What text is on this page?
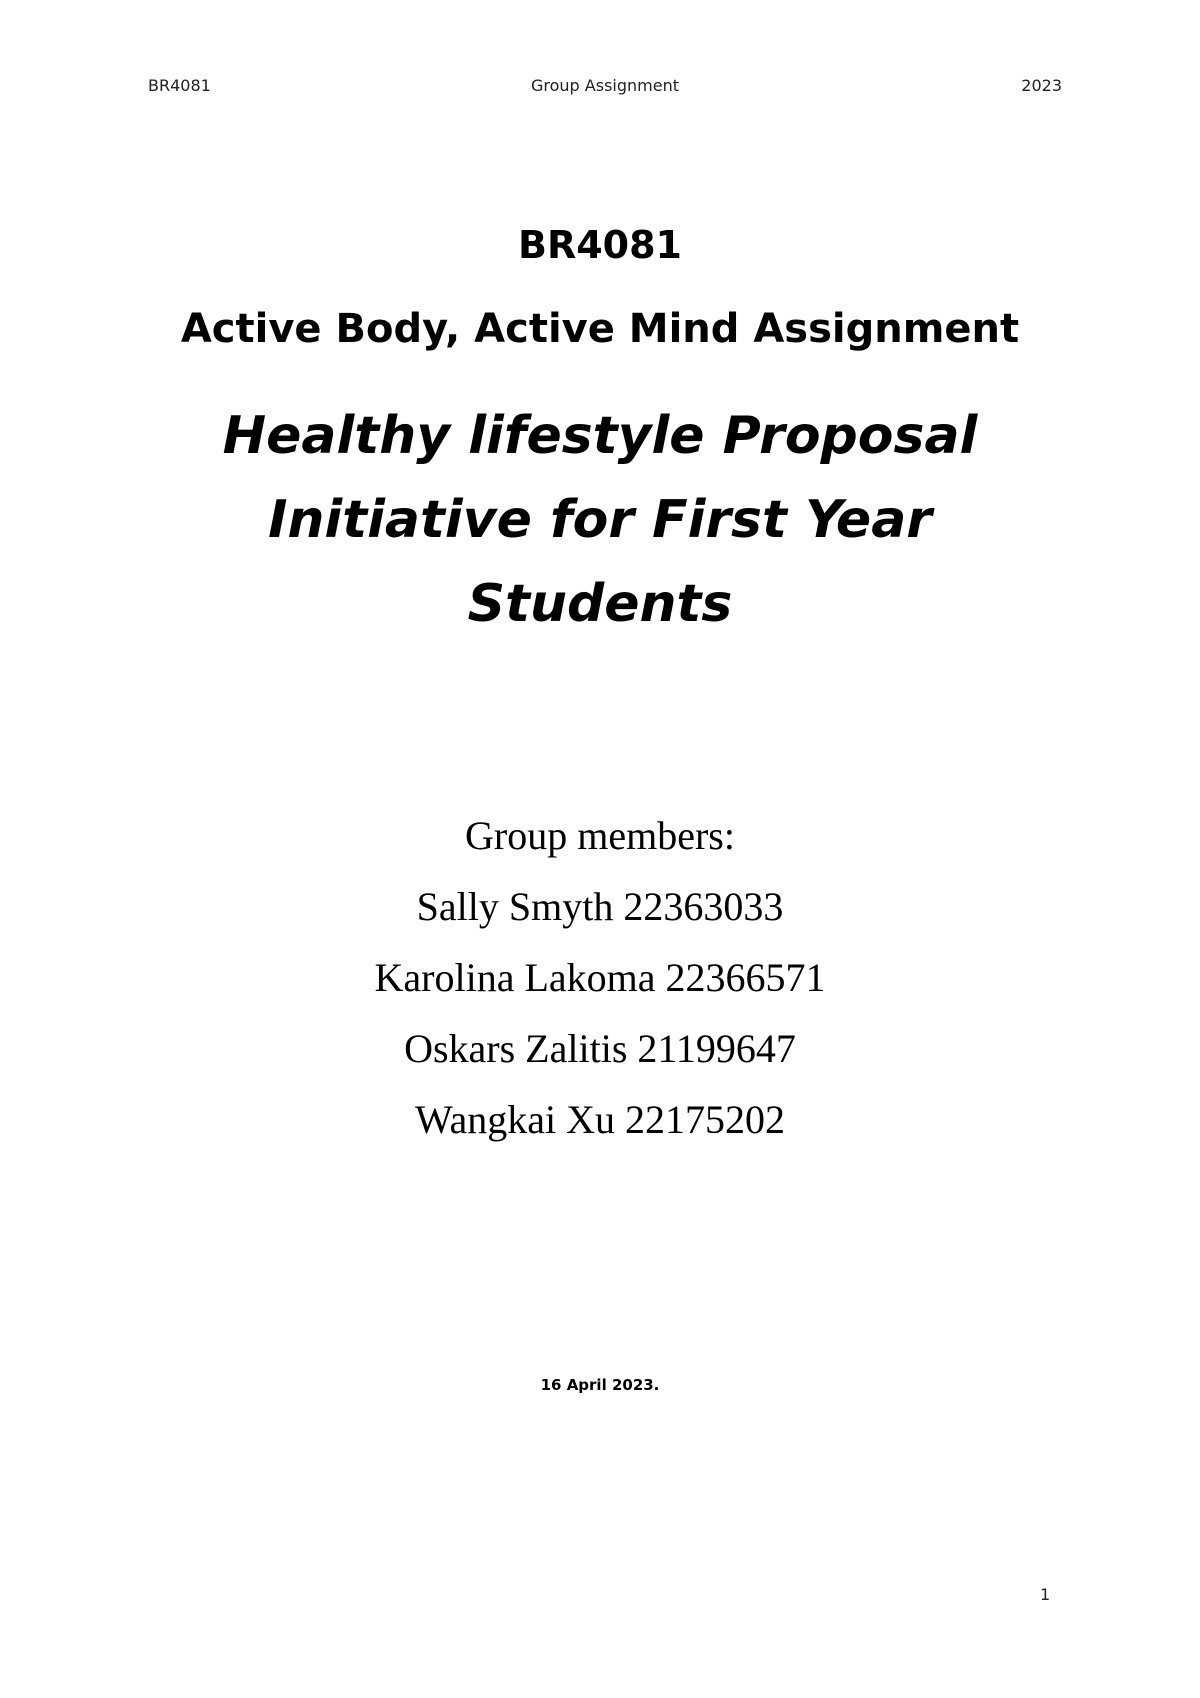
BR4081	Group Assignment	2023
BR4081
Active Body, Active Mind Assignment
Healthy lifestyle Proposal
Initiative for First Year
Students
Group members:
Sally Smyth 22363033
Karolina Lakoma 22366571
Oskars Zalitis 21199647
Wangkai Xu 22175202
16 April 2023.
1
